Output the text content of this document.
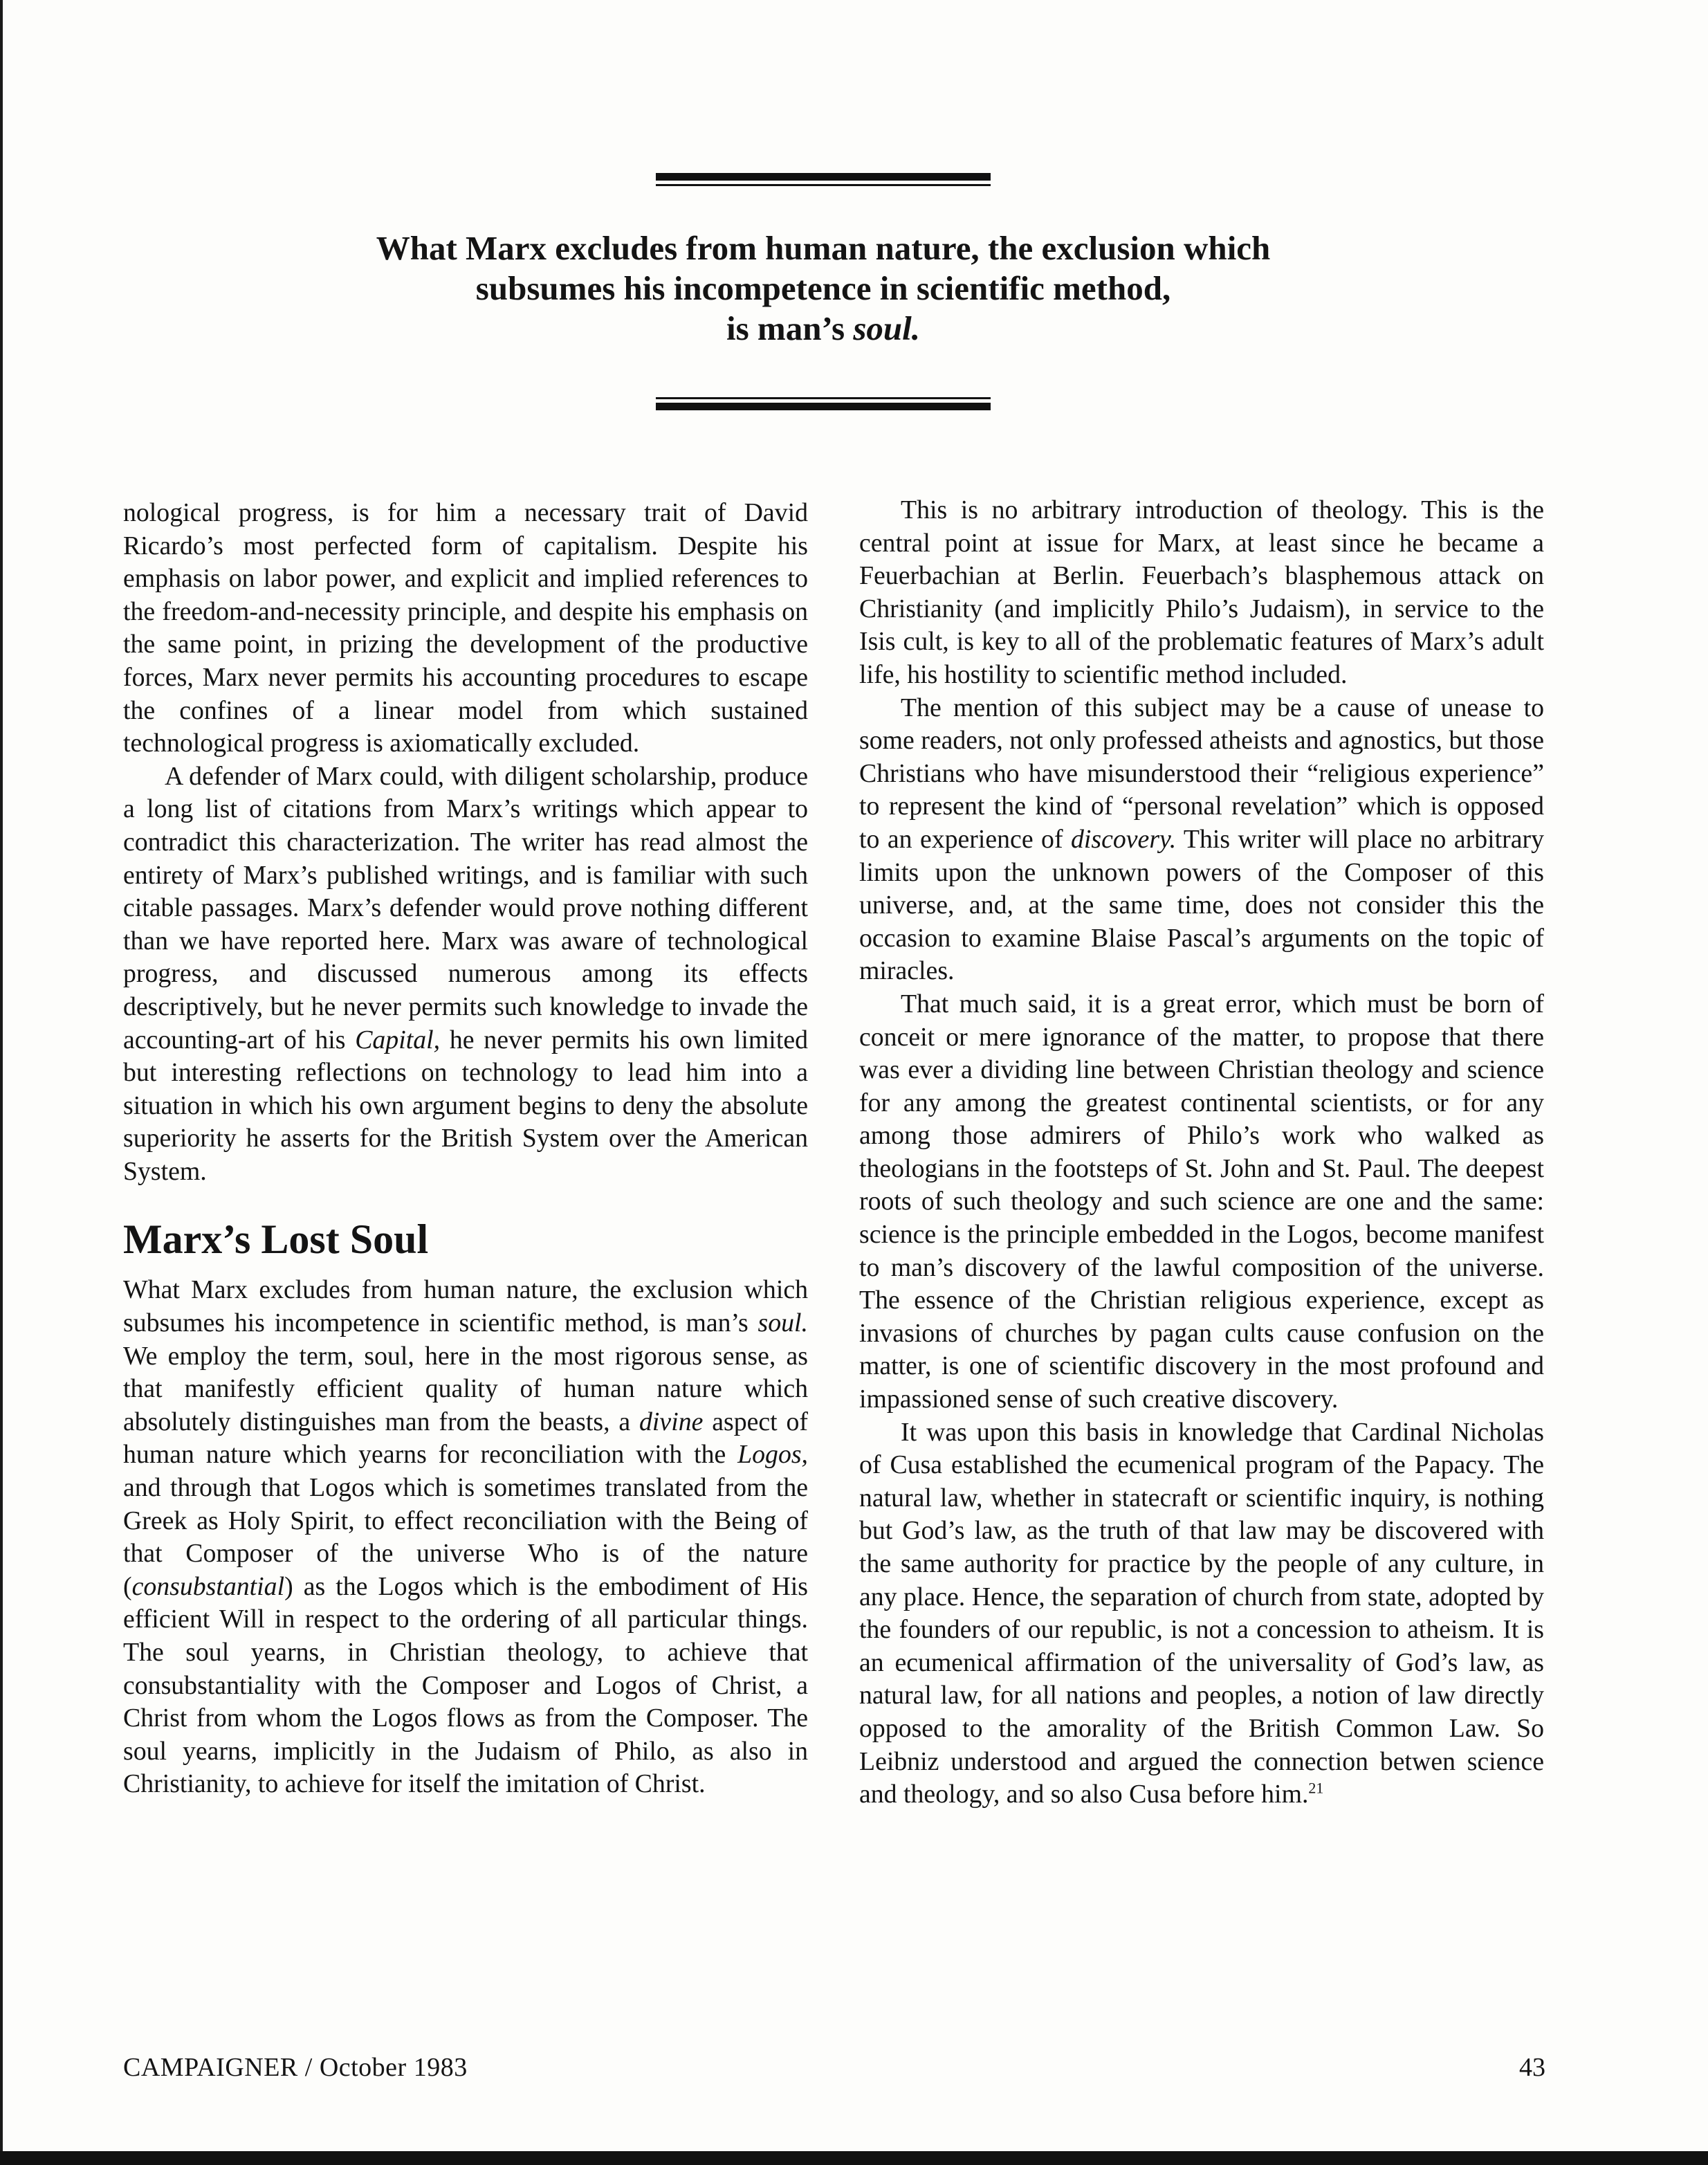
What Marx excludes from human nature, the exclusion which

subsumes his incompetence in scientific method,

is man’s soul.

nological progress, is for him a necessary trait of David Ricardo’s most perfected form of capitalism. Despite his emphasis on labor power, and explicit and implied references to the freedom-and-necessity principle, and despite his emphasis on the same point, in prizing the development of the productive forces, Marx never permits his accounting procedures to escape the confines of a linear model from which sustained technological progress is axiomatically excluded.

A defender of Marx could, with diligent scholarship, produce a long list of citations from Marx’s writings which appear to contradict this characterization. The writer has read almost the entirety of Marx’s published writings, and is familiar with such citable passages. Marx’s defender would prove nothing different than we have reported here. Marx was aware of technological progress, and discussed numerous among its effects descriptively, but he never permits such knowledge to invade the accounting-art of his Capital, he never permits his own limited but interesting reflections on technology to lead him into a situation in which his own argument begins to deny the absolute superiority he asserts for the British System over the American System.

Marx’s Lost Soul

What Marx excludes from human nature, the exclusion which subsumes his incompetence in scientific method, is man’s soul. We employ the term, soul, here in the most rigorous sense, as that manifestly efficient quality of human nature which absolutely distinguishes man from the beasts, a divine aspect of human nature which yearns for reconciliation with the Logos, and through that Logos which is sometimes translated from the Greek as Holy Spirit, to effect reconciliation with the Being of that Composer of the universe Who is of the nature (consubstantial) as the Logos which is the embodiment of His efficient Will in respect to the ordering of all particular things. The soul yearns, in Christian theology, to achieve that consubstantiality with the Composer and Logos of Christ, a Christ from whom the Logos flows as from the Composer. The soul yearns, implicitly in the Judaism of Philo, as also in Christianity, to achieve for itself the imitation of Christ.

This is no arbitrary introduction of theology. This is the central point at issue for Marx, at least since he became a Feuerbachian at Berlin. Feuerbach’s blasphemous attack on Christianity (and implicitly Philo’s Judaism), in service to the Isis cult, is key to all of the problematic features of Marx’s adult life, his hostility to scientific method included.

The mention of this subject may be a cause of unease to some readers, not only professed atheists and agnostics, but those Christians who have misunderstood their “religious experience” to represent the kind of “personal revelation” which is opposed to an experience of discovery. This writer will place no arbitrary limits upon the unknown powers of the Composer of this universe, and, at the same time, does not consider this the occasion to examine Blaise Pascal’s arguments on the topic of miracles.

That much said, it is a great error, which must be born of conceit or mere ignorance of the matter, to propose that there was ever a dividing line between Christian theology and science for any among the greatest continental scientists, or for any among those admirers of Philo’s work who walked as theologians in the footsteps of St. John and St. Paul. The deepest roots of such theology and such science are one and the same: science is the principle embedded in the Logos, become manifest to man’s discovery of the lawful composition of the universe. The essence of the Christian religious experience, except as invasions of churches by pagan cults cause confusion on the matter, is one of scientific discovery in the most profound and impassioned sense of such creative discovery.

It was upon this basis in knowledge that Cardinal Nicholas of Cusa established the ecumenical program of the Papacy. The natural law, whether in statecraft or scientific inquiry, is nothing but God’s law, as the truth of that law may be discovered with the same authority for practice by the people of any culture, in any place. Hence, the separation of church from state, adopted by the founders of our republic, is not a concession to atheism. It is an ecumenical affirmation of the universality of God’s law, as natural law, for all nations and peoples, a notion of law directly opposed to the amorality of the British Common Law. So Leibniz understood and argued the connection betwen science and theology, and so also Cusa before him.$^{21}$

CAMPAIGNER / October 1983	43
